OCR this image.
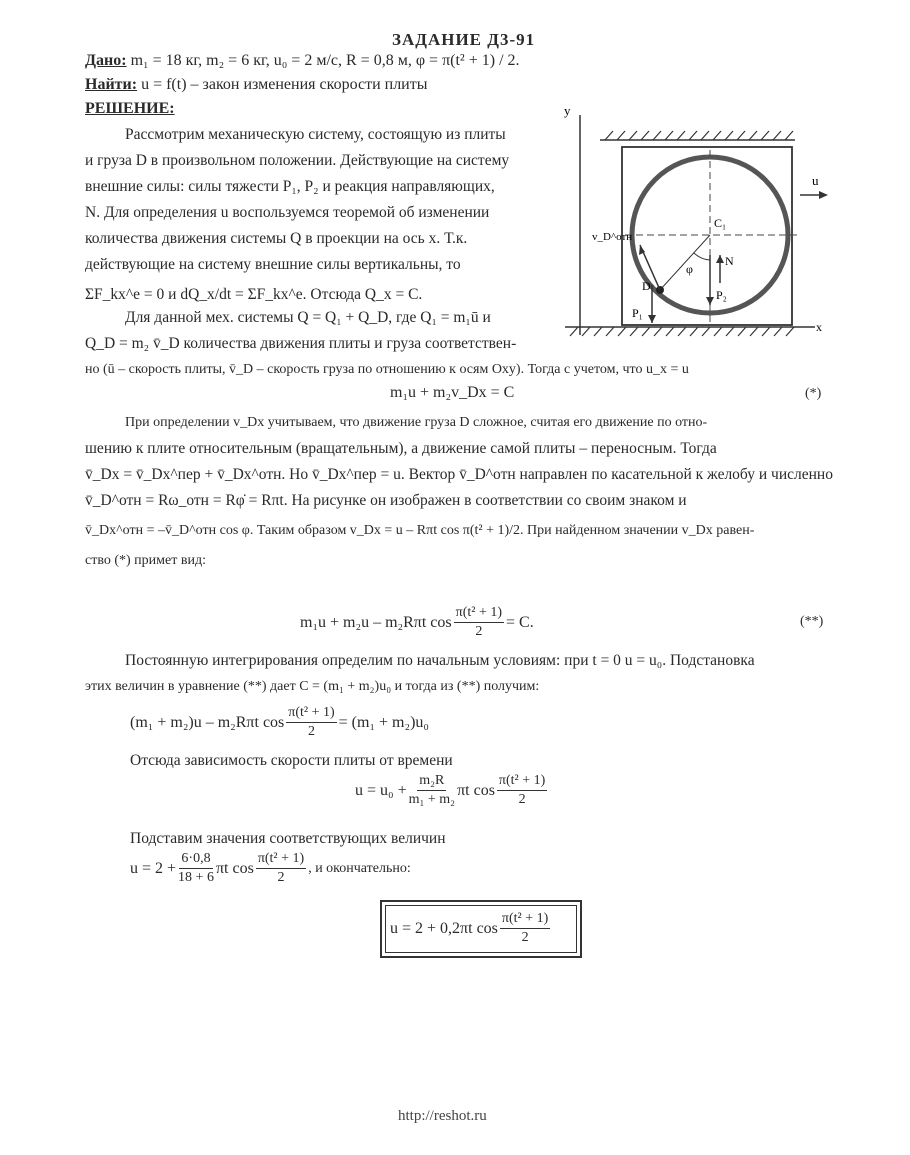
ЗАДАНИЕ Д3-91
Дано: m₁ = 18 кг, m₂ = 6 кг, u₀ = 2 м/с, R = 0,8 м, φ = π(t² + 1) / 2.
Найти: u = f(t) – закон изменения скорости плиты
РЕШЕНИЕ:
Рассмотрим механическую систему, состоящую из плиты
и груза D в произвольном положении. Действующие на систему
внешние силы: силы тяжести P₁, P₂ и реакция направляющих,
N. Для определения u воспользуемся теоремой об изменении
количества движения системы Q в проекции на ось x. Т.к.
действующие на систему внешние силы вертикальны, то
ΣF_kx^e = 0 и dQ_x/dt = ΣF_kx^e. Отсюда Q_x = C.
Для данной мех. системы Q = Q₁ + Q_D, где Q₁ = m₁ū и
Q_D = m₂ v̄_D количества движения плиты и груза соответствен-
но (ū – скорость плиты, v̄_D – скорость груза по отношению к осям Oxy). Тогда с учетом, что u_x = u
m₁u + m₂v_Dx = C	(*)
При определении v_Dx учитываем, что движение груза D сложное, считая его движение по отно-
шению к плите относительным (вращательным), а движение самой плиты – переносным. Тогда
v̄_Dx = v̄_Dx^пер + v̄_Dx^отн. Но v̄_Dx^пер = u. Вектор v̄_D^отн направлен по касательной к желобу и численно
v̄_D^отн = Rω_отн = Rφ̇ = Rπt. На рисунке он изображен в соответствии со своим знаком и
v̄_Dx^отн = –v̄_D^отн cos φ. Таким образом v_Dx = u – Rπt cos π(t² + 1)/2. При найденном значении v_Dx равен-
ство (*) примет вид:
m₁u + m₂u – m₂Rπt $\cos \frac{\text{π(t² + 1)}}{2} = C$.	(**)
Постоянную интегрирования определим по начальным условиям: при t = 0 u = u₀. Подстановка
этих величин в уравнение (**) дает C = (m₁ + m₂)u₀ и тогда из (**) получим:
(m₁ + m₂)u – m₂Rπt $\cos \frac{\text{π(t² + 1)}}{2} = (m_1 + m_2)u_0$
Отсюда зависимость скорости плиты от времени
$u = u_0 + \frac{\text{m₂R}}{\text{m₁ + m₂}}$ πt $\cos \frac{\text{π(t² + 1)}}{2}$
Подставим значения соответствующих величин
$u = 2 + \frac{6\cdot 0,8}{18 + 6}$ πt $\cos \frac{\text{π(t² + 1)}}{2}$ , и окончательно:
u = 2 + 0,2πt $\cos \frac{\text{π(t² + 1)}}{2}$
y
C₁
φ
D
v_D^отн
P₁
P₂
N
u
x
http://reshot.ru
